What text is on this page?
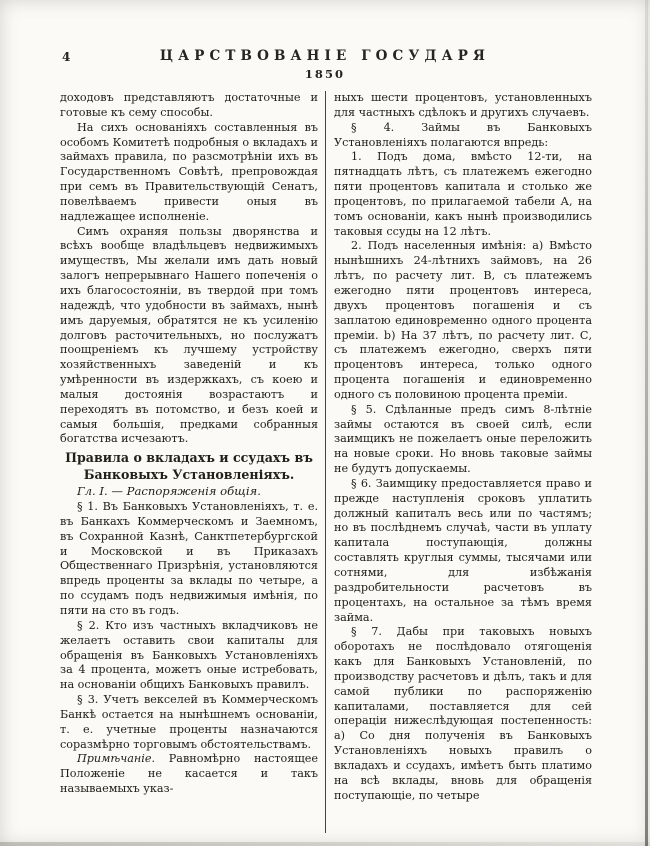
4	ЦАРСТВОВАНІЕ ГОСУДАРЯ
1850

доходовъ представляютъ достаточные и готовые къ сему способы.

На сихъ основаніяхъ составленныя въ особомъ Комитетѣ подробныя о вкладахъ и займахъ правила, по разсмотрѣніи ихъ въ Государственномъ Совѣтѣ, препровождая при семъ въ Правительствующій Сенатъ, повелѣваемъ привести оныя въ надлежащее исполненіе.

Симъ охраняя пользы дворянства и всѣхъ вообще владѣльцевъ недвижимыхъ имуществъ, Мы желали имъ дать новый залогъ непрерывнаго Нашего попеченія о ихъ благосостояніи, въ твердой при томъ надеждѣ, что удобности въ займахъ, нынѣ имъ даруемыя, обратятся не къ усиленію долговъ расточительныхъ, но послужатъ поощреніемъ къ лучшему устройству хозяйственныхъ заведеній и къ умѣренности въ издержкахъ, съ коею и малыя достоянія возрастаютъ и переходятъ въ потомство, и безъ коей и самыя большія, предками собранныя богатства исчезаютъ.

Правила о вкладахъ и ссудахъ въ Банковыхъ Установленіяхъ.

Гл. I. — Распоряженія общія.

§ 1. Въ Банковыхъ Установленіяхъ, т. е. въ Банкахъ Коммерческомъ и Заемномъ, въ Сохранной Казнѣ, Санктпетербургской и Московской и въ Приказахъ Общественнаго Призрѣнія, установляются впредь проценты за вклады по четыре, а по ссудамъ подъ недвижимыя имѣнія, по пяти на сто въ годъ.

§ 2. Кто изъ частныхъ вкладчиковъ не желаетъ оставить свои капиталы для обращенія въ Банковыхъ Установленіяхъ за 4 процента, можетъ оные истребовать, на основаніи общихъ Банковыхъ правилъ.

§ 3. Учетъ векселей въ Коммерческомъ Банкѣ остается на нынѣшнемъ основаніи, т. е. учетные проценты назначаются соразмѣрно торговымъ обстоятельствамъ.

Примѣчаніе. Равномѣрно настоящее Положеніе не касается и такъ называемыхъ указ-

ныхъ шести процентовъ, установленныхъ для частныхъ сдѣлокъ и другихъ случаевъ.

§ 4. Займы въ Банковыхъ Установленіяхъ полагаются впредь:

1. Подъ дома, вмѣсто 12-ти, на пятнадцать лѣтъ, съ платежемъ ежегодно пяти процентовъ капитала и столько же процентовъ, по прилагаемой табели А, на томъ основаніи, какъ нынѣ производились таковыя ссуды на 12 лѣтъ.

2. Подъ населенныя имѣнія: а) Вмѣсто нынѣшнихъ 24-лѣтнихъ займовъ, на 26 лѣтъ, по расчету лит. В, съ платежемъ ежегодно пяти процентовъ интереса, двухъ процентовъ погашенія и съ заплатою единовременно одного процента преміи. b) На 37 лѣтъ, по расчету лит. С, съ платежемъ ежегодно, сверхъ пяти процентовъ интереса, только одного процента погашенія и единовременно одного съ половиною процента преміи.

§ 5. Сдѣланные предъ симъ 8-лѣтніе займы остаются въ своей силѣ, если заимщикъ не пожелаетъ оные переложить на новые сроки. Но вновь таковые займы не будутъ допускаемы.

§ 6. Заимщику предоставляется право и прежде наступленія сроковъ уплатить должный капиталъ весь или по частямъ; но въ послѣднемъ случаѣ, части въ уплату капитала поступающія, должны составлять круглыя суммы, тысячами или сотнями, для избѣжанія раздробительности расчетовъ въ процентахъ, на остальное за тѣмъ время займа.

§ 7. Дабы при таковыхъ новыхъ оборотахъ не послѣдовало отягощенія какъ для Банковыхъ Установленій, по производству расчетовъ и дѣлъ, такъ и для самой публики по распоряженію капиталами, поставляется для сей операціи нижеслѣдующая постепенность: а) Со дня полученія въ Банковыхъ Установленіяхъ новыхъ правилъ о вкладахъ и ссудахъ, имѣетъ быть платимо на всѣ вклады, вновь для обращенія поступающіе, по четыре
